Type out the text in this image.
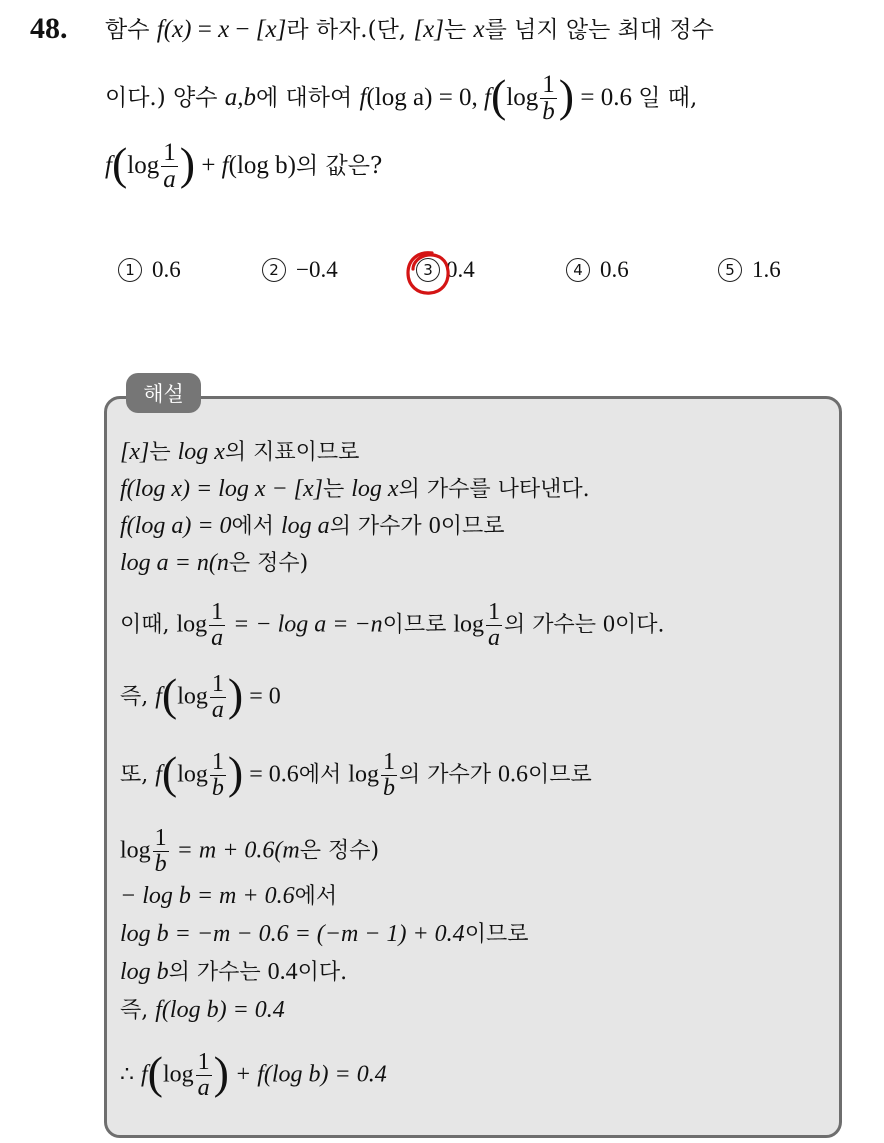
48. 함수 f(x) = x − [x]라 하자.(단, [x]는 x를 넘지 않는 최대 정수
이다.) 양수 a,b에 대하여 f(log a) = 0, $f(\log \frac{1}{b}$ ) = 0.6 일 때,
$f(\log \frac{1}{a}$ ) + f(log b)의 값은?
1 0.6	2 −0.4	3 0.4	4 0.6	5 1.6
해설
[x]는 log x의 지표이므로
f(log x) = log x − [x]는 log x의 가수를 나타낸다.
f(log a) = 0에서 log a의 가수가 0이므로
log a = n(n은 정수)
이때, $\log \frac{1}{a}$ = − log a = −n이므로 $\log \frac{1}{a}$ 의 가수는 0이다.
즉, $f(\log \frac{1}{a}$ ) = 0
또, $f(\log \frac{1}{b}$ ) = 0.6에서 $\log \frac{1}{b}$ 의 가수가 0.6이므로
$\log \frac{1}{b} = m + 0.6(m$은 정수)
− log b = m + 0.6에서
log b = −m − 0.6 = (−m − 1) + 0.4이므로
log b의 가수는 0.4이다.
즉, f(log b) = 0.4
∴ $f(\log \frac{1}{a}$ ) + f(log b) = 0.4
